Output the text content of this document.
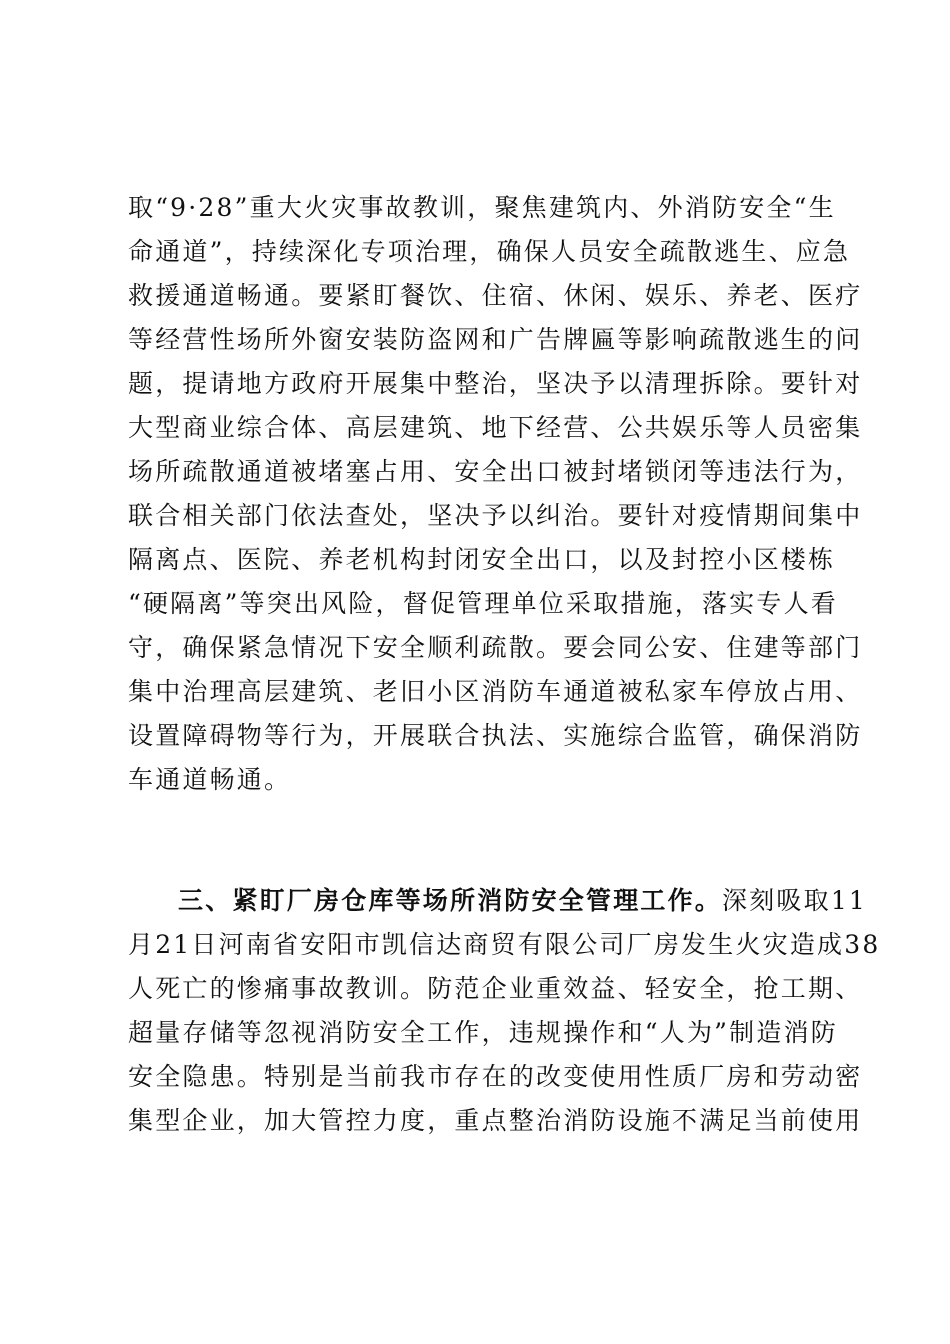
取“9·28”重大火灾事故教训，聚焦建筑内、外消防安全“生
命通道”，持续深化专项治理，确保人员安全疏散逃生、应急
救援通道畅通。要紧盯餐饮、住宿、休闲、娱乐、养老、医疗
等经营性场所外窗安装防盗网和广告牌匾等影响疏散逃生的问
题，提请地方政府开展集中整治，坚决予以清理拆除。要针对
大型商业综合体、高层建筑、地下经营、公共娱乐等人员密集
场所疏散通道被堵塞占用、安全出口被封堵锁闭等违法行为，
联合相关部门依法查处，坚决予以纠治。要针对疫情期间集中
隔离点、医院、养老机构封闭安全出口，以及封控小区楼栋
“硬隔离”等突出风险，督促管理单位采取措施，落实专人看
守，确保紧急情况下安全顺利疏散。要会同公安、住建等部门
集中治理高层建筑、老旧小区消防车通道被私家车停放占用、
设置障碍物等行为，开展联合执法、实施综合监管，确保消防
车通道畅通。
三、紧盯厂房仓库等场所消防安全管理工作。深刻吸取11
月21日河南省安阳市凯信达商贸有限公司厂房发生火灾造成38
人死亡的惨痛事故教训。防范企业重效益、轻安全，抢工期、
超量存储等忽视消防安全工作，违规操作和“人为”制造消防
安全隐患。特别是当前我市存在的改变使用性质厂房和劳动密
集型企业，加大管控力度，重点整治消防设施不满足当前使用
